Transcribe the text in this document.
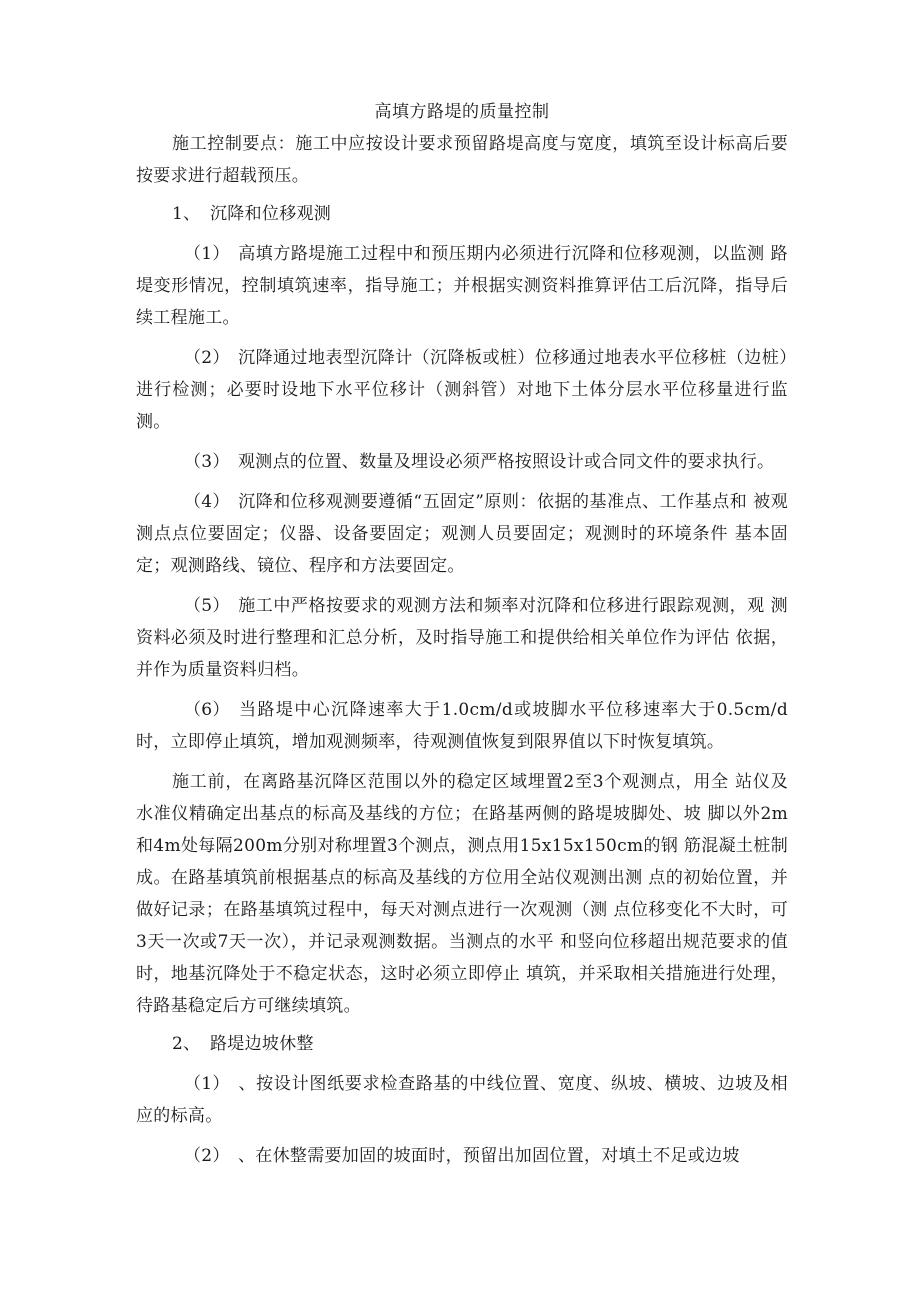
高填方路堤的质量控制

施工控制要点：施工中应按设计要求预留路堤高度与宽度，填筑至设计标高后要按要求进行超载预压。

1、 沉降和位移观测

（1） 高填方路堤施工过程中和预压期内必须进行沉降和位移观测，以监测 路堤变形情况，控制填筑速率，指导施工；并根据实测资料推算评估工后沉降，指导后续工程施工。

（2） 沉降通过地表型沉降计（沉降板或桩）位移通过地表水平位移桩（边桩）进行检测；必要时设地下水平位移计（测斜管）对地下土体分层水平位移量进行监测。

（3） 观测点的位置、数量及埋设必须严格按照设计或合同文件的要求执行。

（4） 沉降和位移观测要遵循“五固定”原则：依据的基准点、工作基点和 被观测点点位要固定；仪器、设备要固定；观测人员要固定；观测时的环境条件 基本固定；观测路线、镜位、程序和方法要固定。

（5） 施工中严格按要求的观测方法和频率对沉降和位移进行跟踪观测，观 测资料必须及时进行整理和汇总分析，及时指导施工和提供给相关单位作为评估 依据，并作为质量资料归档。

（6） 当路堤中心沉降速率大于1.0cm/d或坡脚水平位移速率大于0.5cm/d时，立即停止填筑，增加观测频率，待观测值恢复到限界值以下时恢复填筑。

施工前，在离路基沉降区范围以外的稳定区域埋置2至3个观测点，用全 站仪及水准仪精确定出基点的标高及基线的方位；在路基两侧的路堤坡脚处、坡 脚以外2m和4m处每隔200m分别对称埋置3个测点，测点用15x15x150cm的钢 筋混凝土桩制成。在路基填筑前根据基点的标高及基线的方位用全站仪观测出测 点的初始位置，并做好记录；在路基填筑过程中，每天对测点进行一次观测（测 点位移变化不大时，可3天一次或7天一次），并记录观测数据。当测点的水平 和竖向位移超出规范要求的值时，地基沉降处于不稳定状态，这时必须立即停止 填筑，并采取相关措施进行处理，待路基稳定后方可继续填筑。

2、 路堤边坡休整

（1） 、按设计图纸要求检查路基的中线位置、宽度、纵坡、横坡、边坡及相 应的标高。

（2） 、在休整需要加固的坡面时，预留出加固位置，对填土不足或边坡
